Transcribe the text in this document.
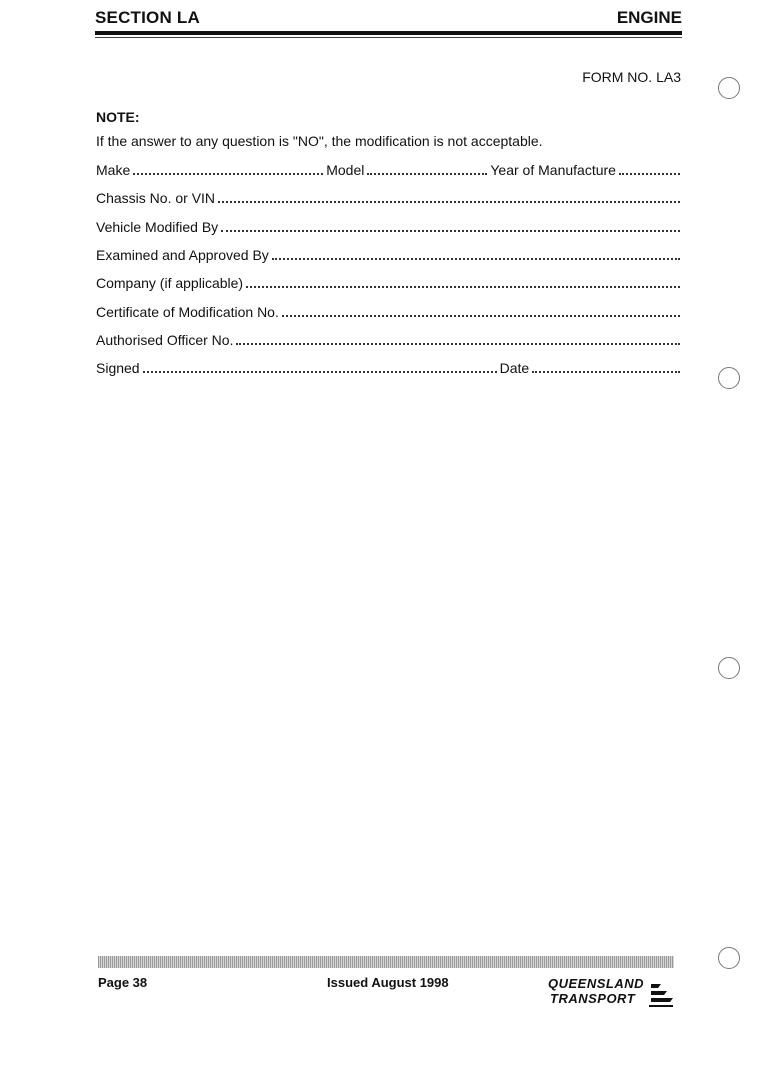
SECTION LA	ENGINE
FORM NO. LA3
NOTE:
If the answer to any question is "NO", the modification is not acceptable.
Make	Model	Year of Manufacture
Chassis No. or VIN
Vehicle Modified By
Examined and Approved By
Company (if applicable)
Certificate of Modification No.
Authorised Officer No.
Signed	Date
Page 38	Issued August 1998	QUEENSLAND
TRANSPORT
